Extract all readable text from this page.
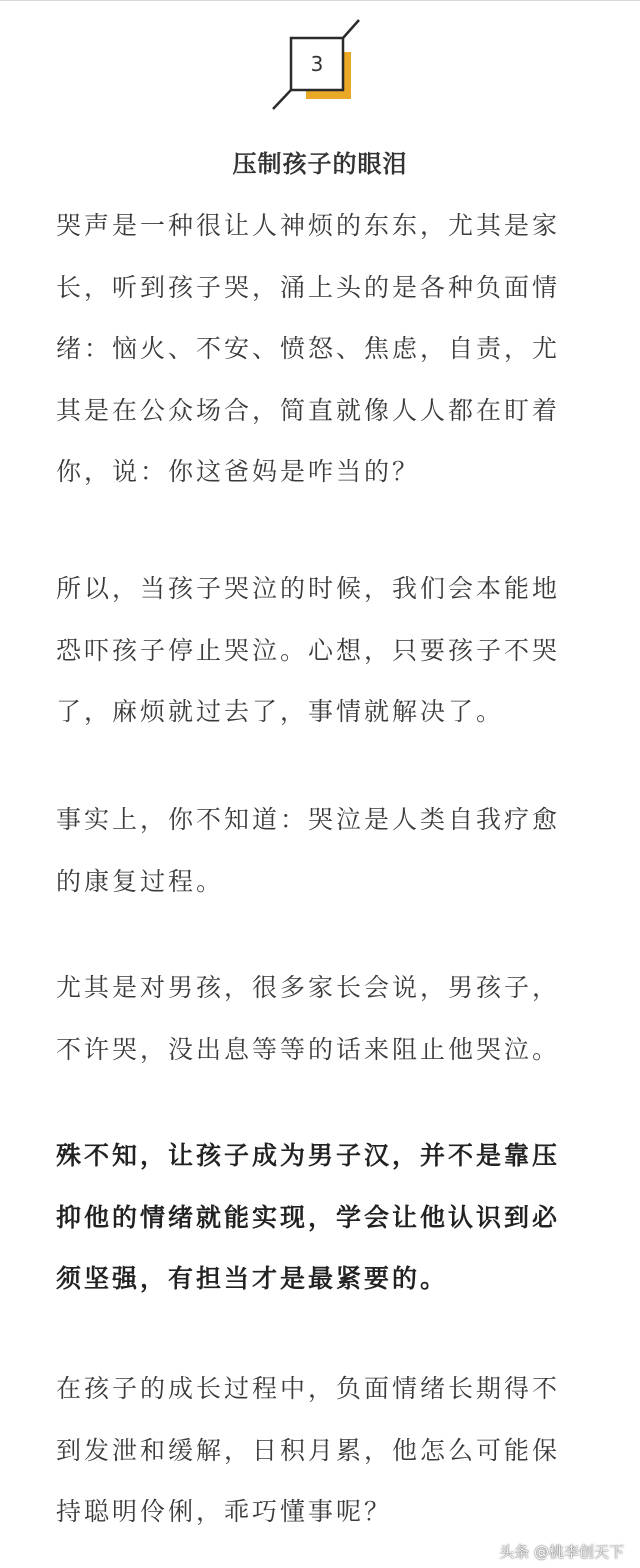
3
压制孩子的眼泪

哭声是一种很让人神烦的东东，尤其是家长，听到孩子哭，涌上头的是各种负面情绪：恼火、不安、愤怒、焦虑，自责，尤其是在公众场合，简直就像人人都在盯着你，说：你这爸妈是咋当的？

所以，当孩子哭泣的时候，我们会本能地恐吓孩子停止哭泣。心想，只要孩子不哭了，麻烦就过去了，事情就解决了。

事实上，你不知道：哭泣是人类自我疗愈的康复过程。

尤其是对男孩，很多家长会说，男孩子，不许哭，没出息等等的话来阻止他哭泣。

殊不知，让孩子成为男子汉，并不是靠压抑他的情绪就能实现，学会让他认识到必须坚强，有担当才是最紧要的。

在孩子的成长过程中，负面情绪长期得不到发泄和缓解，日积月累，他怎么可能保持聪明伶俐，乖巧懂事呢？

头条 @桃李创天下
